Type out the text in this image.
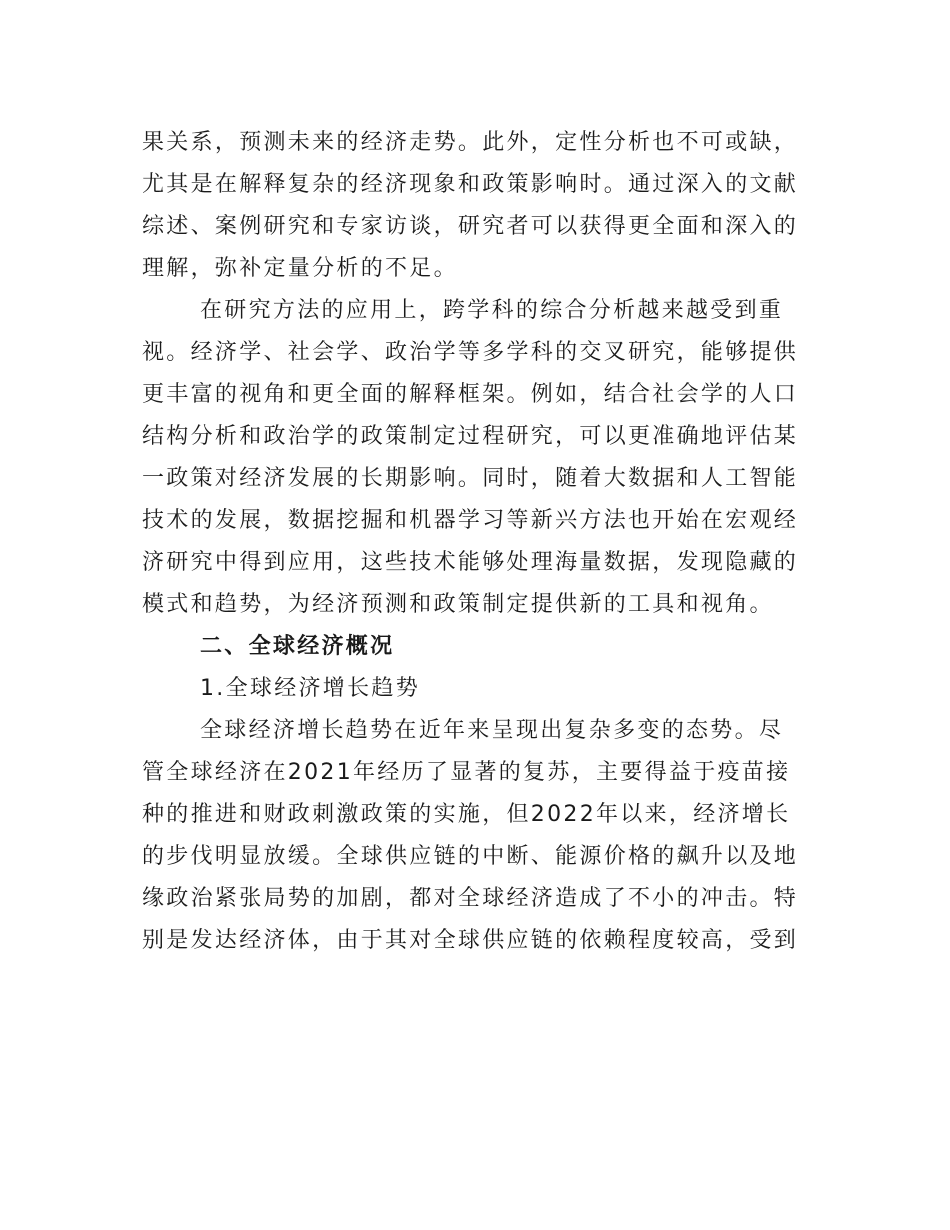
果关系，预测未来的经济走势。此外，定性分析也不可或缺，
尤其是在解释复杂的经济现象和政策影响时。通过深入的文献
综述、案例研究和专家访谈，研究者可以获得更全面和深入的
理解，弥补定量分析的不足。
在研究方法的应用上，跨学科的综合分析越来越受到重
视。经济学、社会学、政治学等多学科的交叉研究，能够提供
更丰富的视角和更全面的解释框架。例如，结合社会学的人口
结构分析和政治学的政策制定过程研究，可以更准确地评估某
一政策对经济发展的长期影响。同时，随着大数据和人工智能
技术的发展，数据挖掘和机器学习等新兴方法也开始在宏观经
济研究中得到应用，这些技术能够处理海量数据，发现隐藏的
模式和趋势，为经济预测和政策制定提供新的工具和视角。
二、全球经济概况
1.全球经济增长趋势
全球经济增长趋势在近年来呈现出复杂多变的态势。尽
管全球经济在2021年经历了显著的复苏，主要得益于疫苗接
种的推进和财政刺激政策的实施，但2022年以来，经济增长
的步伐明显放缓。全球供应链的中断、能源价格的飙升以及地
缘政治紧张局势的加剧，都对全球经济造成了不小的冲击。特
别是发达经济体，由于其对全球供应链的依赖程度较高，受到
